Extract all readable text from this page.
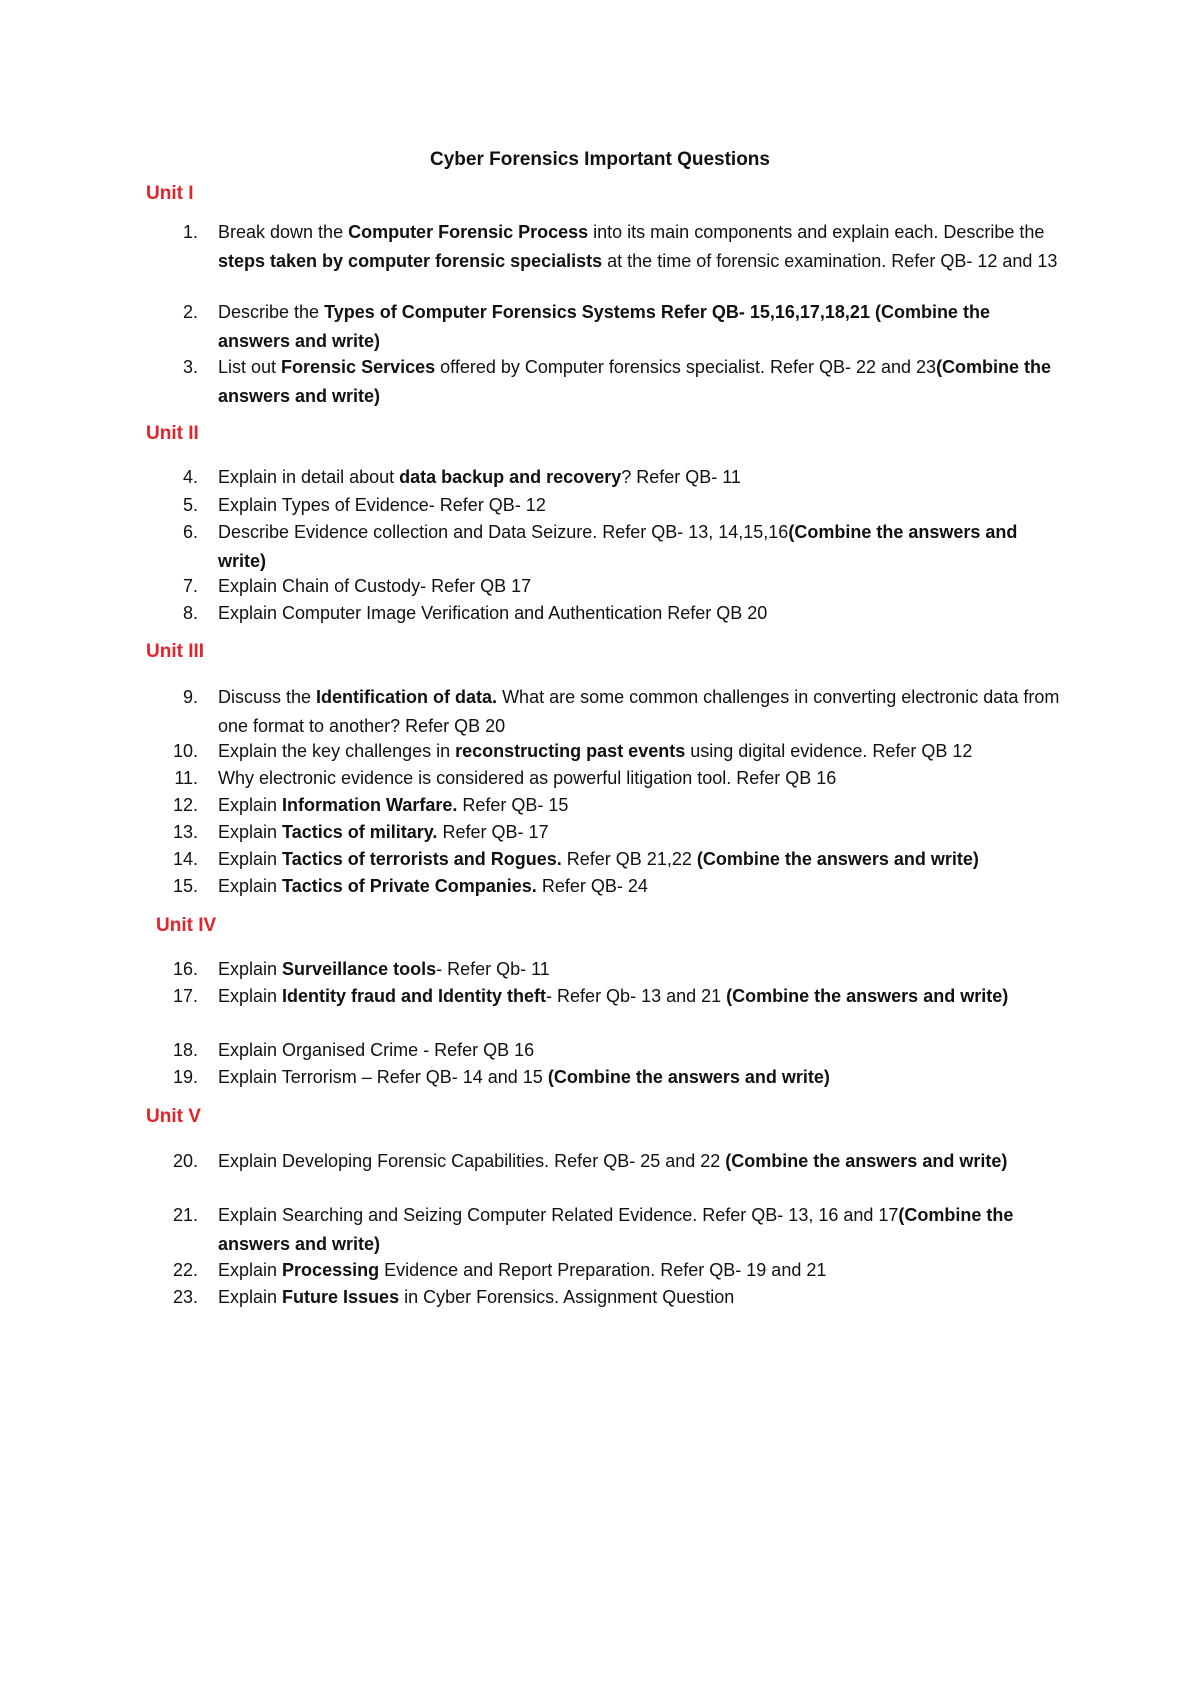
Cyber Forensics Important Questions
Unit I
1. Break down the Computer Forensic Process into its main components and explain each. Describe the steps taken by computer forensic specialists at the time of forensic examination. Refer QB- 12 and 13
2. Describe the Types of Computer Forensics Systems Refer QB- 15,16,17,18,21 (Combine the answers and write)
3. List out Forensic Services offered by Computer forensics specialist. Refer QB- 22 and 23(Combine the answers and write)
Unit II
4. Explain in detail about data backup and recovery? Refer QB- 11
5. Explain Types of Evidence- Refer QB- 12
6. Describe Evidence collection and Data Seizure. Refer QB- 13, 14,15,16(Combine the answers and write)
7. Explain Chain of Custody- Refer QB 17
8. Explain Computer Image Verification and Authentication Refer QB 20
Unit III
9. Discuss the Identification of data. What are some common challenges in converting electronic data from one format to another? Refer QB 20
10. Explain the key challenges in reconstructing past events using digital evidence. Refer QB 12
11. Why electronic evidence is considered as powerful litigation tool. Refer QB 16
12. Explain Information Warfare. Refer QB- 15
13. Explain Tactics of military. Refer QB- 17
14. Explain Tactics of terrorists and Rogues. Refer QB 21,22 (Combine the answers and write)
15. Explain Tactics of Private Companies. Refer QB- 24
Unit IV
16. Explain Surveillance tools- Refer Qb- 11
17. Explain Identity fraud and Identity theft- Refer Qb- 13 and 21 (Combine the answers and write)
18. Explain Organised Crime - Refer QB 16
19. Explain Terrorism – Refer QB- 14 and 15 (Combine the answers and write)
Unit V
20. Explain Developing Forensic Capabilities. Refer QB- 25 and 22 (Combine the answers and write)
21. Explain Searching and Seizing Computer Related Evidence. Refer QB- 13, 16 and 17(Combine the answers and write)
22. Explain Processing Evidence and Report Preparation. Refer QB- 19 and 21
23. Explain Future Issues in Cyber Forensics. Assignment Question
